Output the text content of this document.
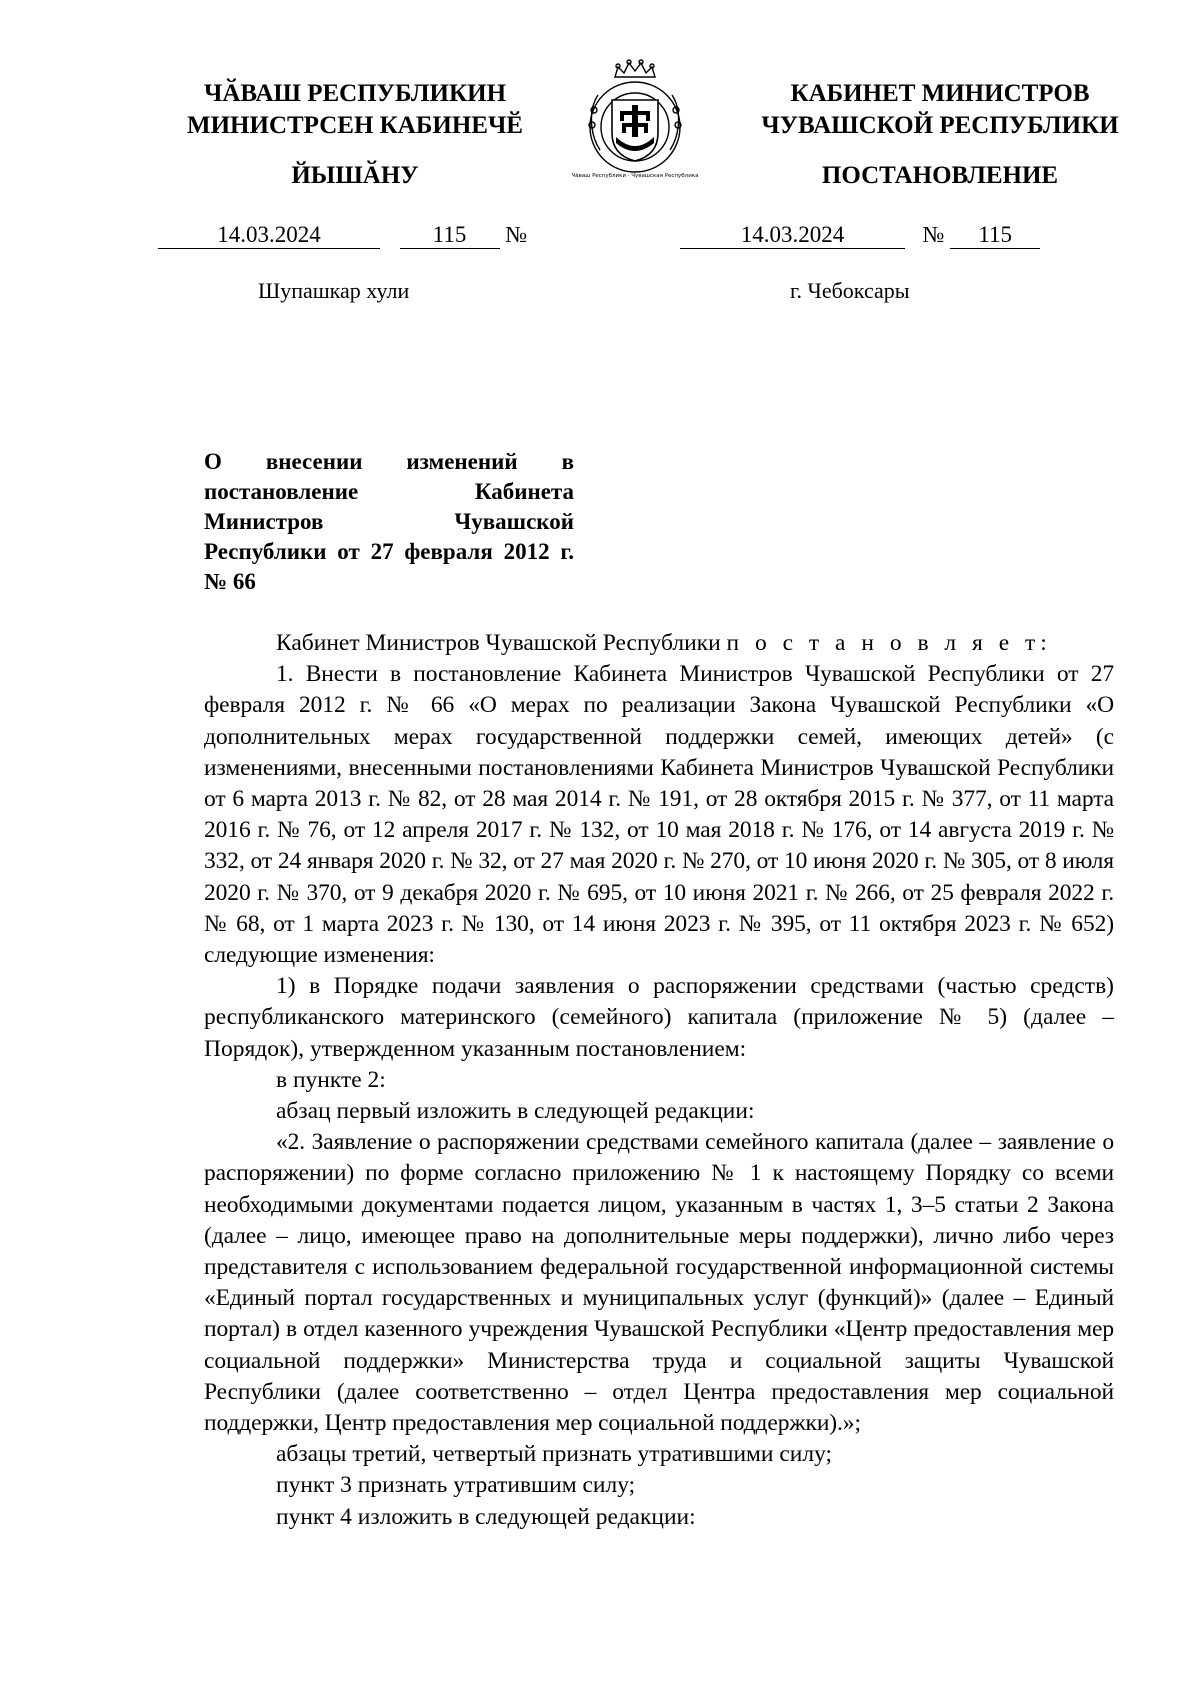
ЧӐВАШ РЕСПУБЛИКИН
МИНИСТРСЕН КАБИНЕЧӖ
ЙЫШӐНУ
КАБИНЕТ МИНИСТРОВ
ЧУВАШСКОЙ РЕСПУБЛИКИ
ПОСТАНОВЛЕНИЕ
Чăваш Республики · Чувашская Республика
14.03.2024	115 №	14.03.2024	№ 115
Шупашкар хули	г. Чебоксары
О внесении изменений в постановление Кабинета Министров Чувашской Республики от 27 февраля 2012 г. № 66

Кабинет Министров Чувашской Республики п о с т а н о в л я е т:

1. Внести в постановление Кабинета Министров Чувашской Республики от 27 февраля 2012 г. № 66 «О мерах по реализации Закона Чувашской Республики «О дополнительных мерах государственной поддержки семей, имеющих детей» (с изменениями, внесенными постановлениями Кабинета Министров Чувашской Республики от 6 марта 2013 г. № 82, от 28 мая 2014 г. № 191, от 28 октября 2015 г. № 377, от 11 марта 2016 г. № 76, от 12 апреля 2017 г. № 132, от 10 мая 2018 г. № 176, от 14 августа 2019 г. № 332, от 24 января 2020 г. № 32, от 27 мая 2020 г. № 270, от 10 июня 2020 г. № 305, от 8 июля 2020 г. № 370, от 9 декабря 2020 г. № 695, от 10 июня 2021 г. № 266, от 25 февраля 2022 г. № 68, от 1 марта 2023 г. № 130, от 14 июня 2023 г. № 395, от 11 октября 2023 г. № 652) следующие изменения:

1) в Порядке подачи заявления о распоряжении средствами (частью средств) республиканского материнского (семейного) капитала (приложение № 5) (далее – Порядок), утвержденном указанным постановлением:

в пункте 2:

абзац первый изложить в следующей редакции:

«2. Заявление о распоряжении средствами семейного капитала (далее – заявление о распоряжении) по форме согласно приложению № 1 к настоящему Порядку со всеми необходимыми документами подается лицом, указанным в частях 1, 3–5 статьи 2 Закона (далее – лицо, имеющее право на дополнительные меры поддержки), лично либо через представителя с использованием федеральной государственной информационной системы «Единый портал государственных и муниципальных услуг (функций)» (далее – Единый портал) в отдел казенного учреждения Чувашской Республики «Центр предоставления мер социальной поддержки» Министерства труда и социальной защиты Чувашской Республики (далее соответственно – отдел Центра предоставления мер социальной поддержки, Центр предоставления мер социальной поддержки).»;

абзацы третий, четвертый признать утратившими силу;

пункт 3 признать утратившим силу;

пункт 4 изложить в следующей редакции:
